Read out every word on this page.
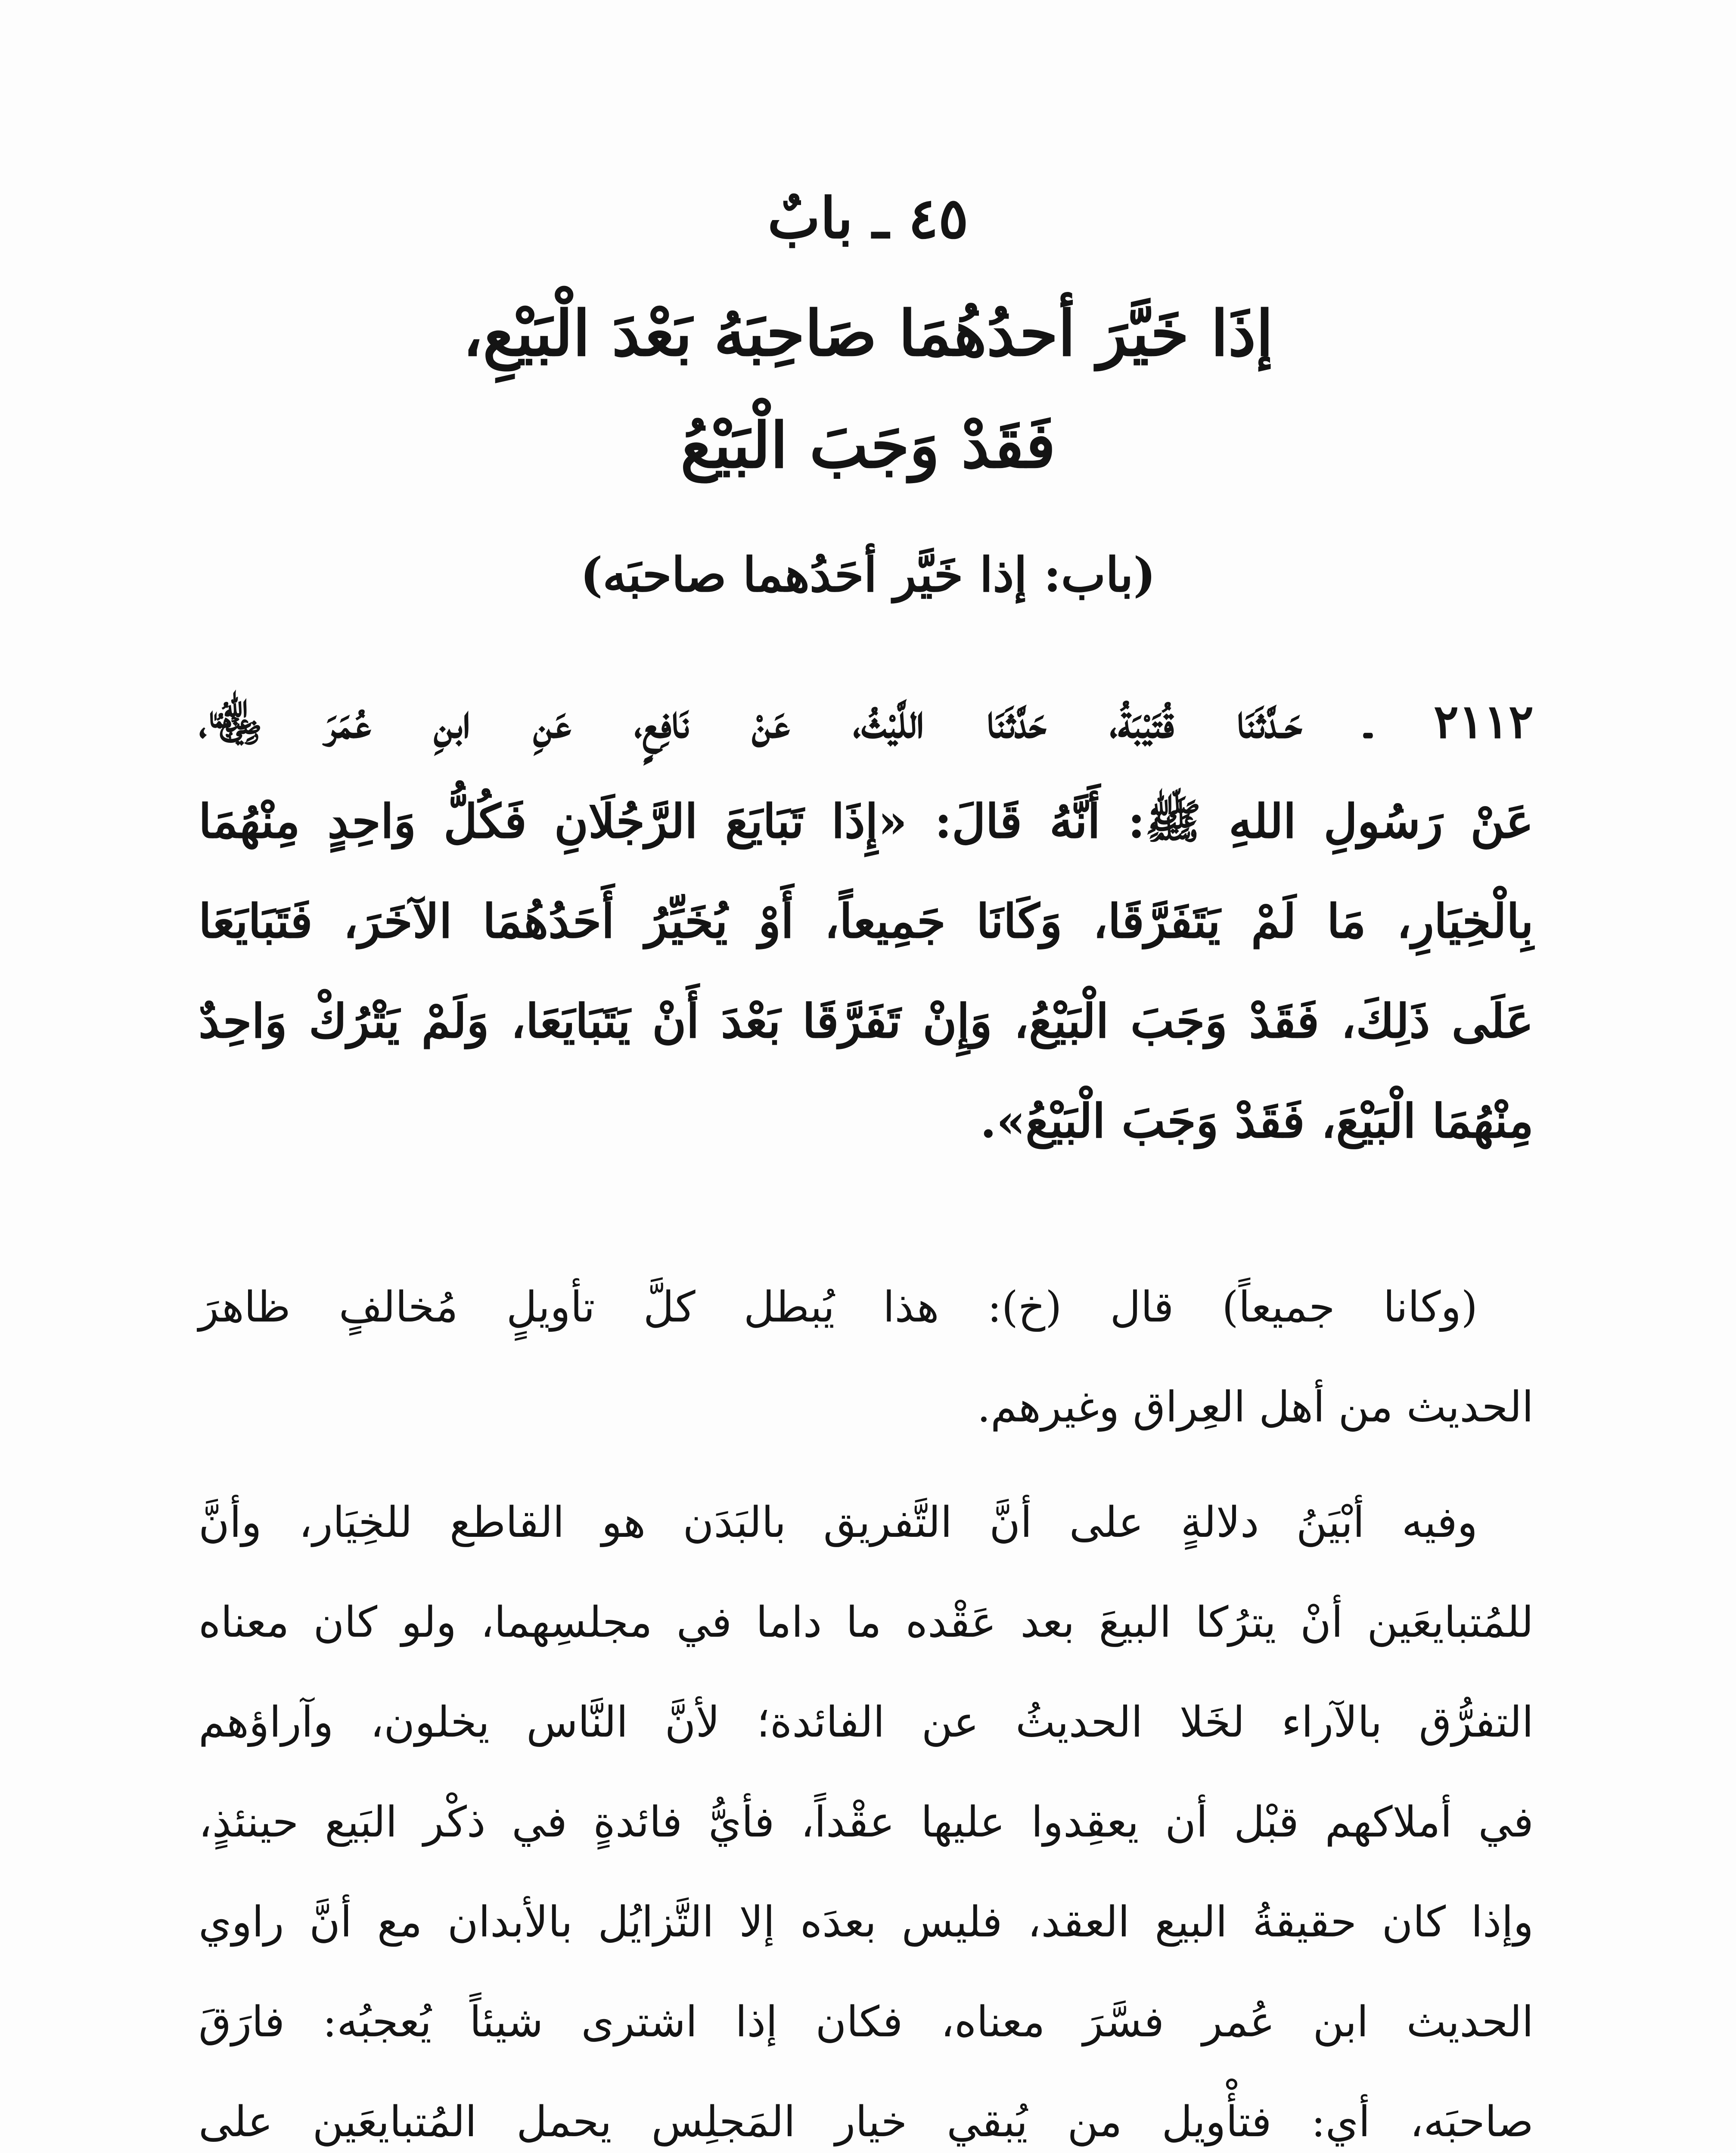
٤٥ ـ بابٌ
إذَا خَيَّرَ أحدُهُمَا صَاحِبَهُ بَعْدَ الْبَيْعِ،
فَقَدْ وَجَبَ الْبَيْعُ
(باب: إذا خَيَّر أحَدُهما صاحبَه)
٢١١٢ ـ حَـدَّثَنَا قُتَيْبَةُ، حَدَّثَنَا اللَّيْثُ، عَنْ نَافِعٍ، عَنِ ابنِ عُمَرَ ﵄،
عَنْ رَسُولِ اللهِ ﷺ: أَنَّهُ قَالَ: «إِذَا تَبَايَعَ الرَّجُلَانِ فَكُلُّ وَاحِدٍ مِنْهُمَا
بِالْخِيَارِ، مَا لَمْ يَتَفَرَّقَا، وَكَانَا جَمِيعاً، أَوْ يُخَيِّرُ أَحَدُهُمَا الآخَرَ، فَتَبَايَعَا
عَلَى ذَلِكَ، فَقَدْ وَجَبَ الْبَيْعُ، وَإِنْ تَفَرَّقَا بَعْدَ أَنْ يَتَبَايَعَا، وَلَمْ يَتْرُكْ وَاحِدٌ
مِنْهُمَا الْبَيْعَ، فَقَدْ وَجَبَ الْبَيْعُ».
(وكانا جميعاً) قال (خ): هذا يُبطل كلَّ تأويلٍ مُخالفٍ ظاهرَ
الحديث من أهل العِراق وغيرهم.
وفيه أبْيَنُ دلالةٍ على أنَّ التَّفريق بالبَدَن هو القاطع للخِيَار، وأنَّ
للمُتبايعَين أنْ يترُكا البيعَ بعد عَقْده ما داما في مجلسِهما، ولو كان معناه
التفرُّق بالآراء لخَلا الحديثُ عن الفائدة؛ لأنَّ النَّاس يخلون، وآراؤهم
في أملاكهم قبْل أن يعقِدوا عليها عقْداً، فأيُّ فائدةٍ في ذكْر البَيع حينئذٍ،
وإذا كان حقيقةُ البيع العقد، فليس بعدَه إلا التَّزايُل بالأبدان مع أنَّ راوي
الحديث ابن عُمر فسَّرَ معناه، فكان إذا اشترى شيئاً يُعجبُه: فارَقَ
صاحبَه، أي: فتأْويل من يُبقي خيار المَجلِس يحمل المُتبايعَين على
